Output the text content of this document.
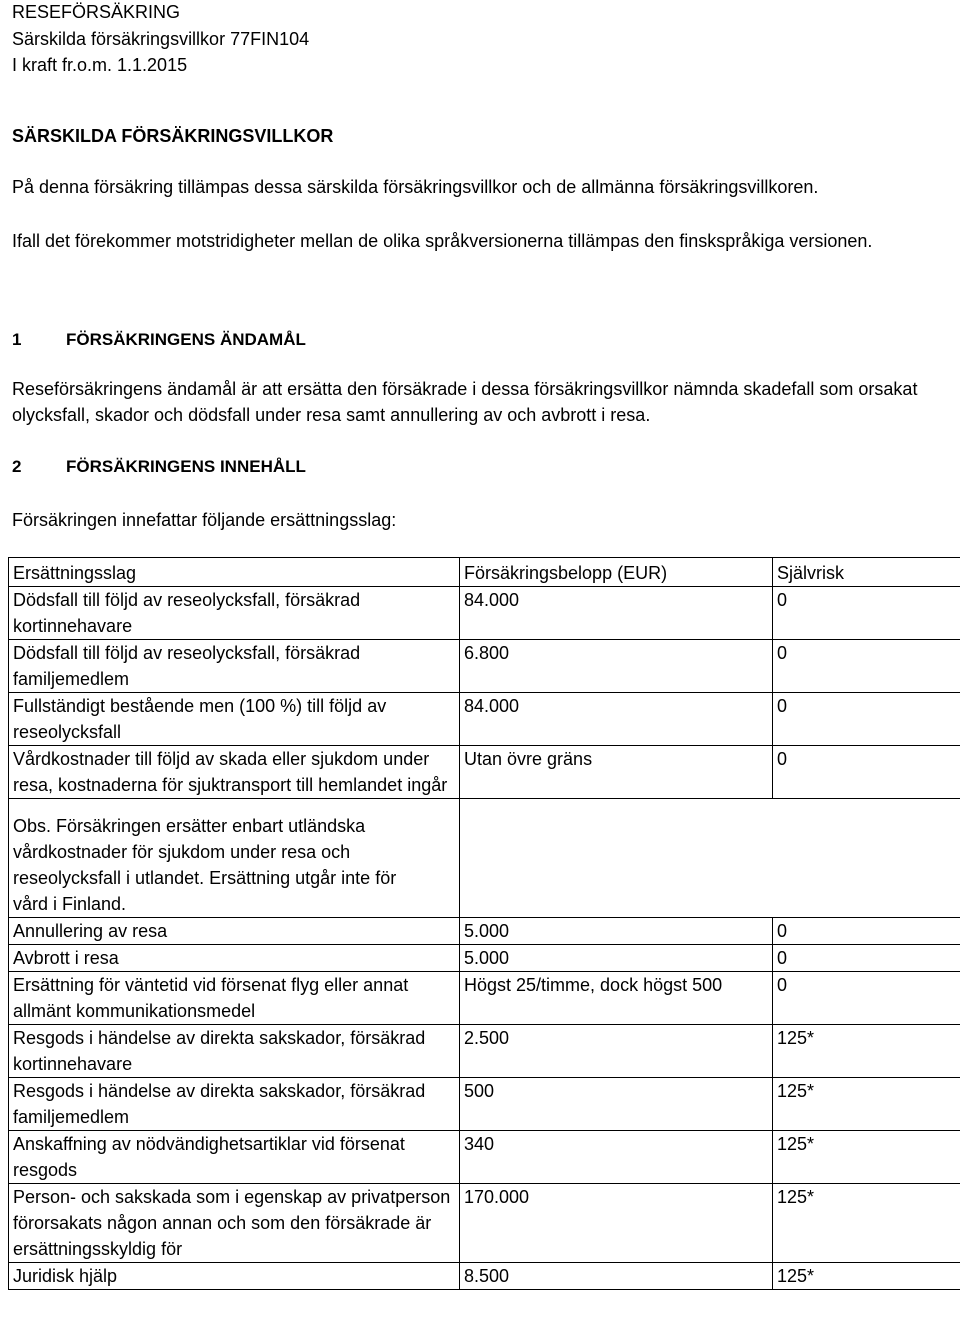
RESEFÖRSÄKRING
Särskilda försäkringsvillkor 77FIN104
I kraft fr.o.m. 1.1.2015
SÄRSKILDA FÖRSÄKRINGSVILLKOR

På denna försäkring tillämpas dessa särskilda försäkringsvillkor och de allmänna försäkringsvillkoren.

Ifall det förekommer motstridigheter mellan de olika språkversionerna tillämpas den finskspråkiga versionen.

1	FÖRSÄKRINGENS ÄNDAMÅL

Reseförsäkringens ändamål är att ersätta den försäkrade i dessa försäkringsvillkor nämnda skadefall som orsakat olycksfall, skador och dödsfall under resa samt annullering av och avbrott i resa.

2	FÖRSÄKRINGENS INNEHÅLL

Försäkringen innefattar följande ersättningsslag:

Ersättningsslag	Försäkringsbelopp (EUR)	Självrisk
Dödsfall till följd av reseolycksfall, försäkrad kortinnehavare	84.000	0
Dödsfall till följd av reseolycksfall, försäkrad familjemedlem	6.800	0
Fullständigt bestående men (100 %) till följd av reseolycksfall	84.000	0
Vårdkostnader till följd av skada eller sjukdom under resa, kostnaderna för sjuktransport till hemlandet ingår	Utan övre gräns	0
Obs. Försäkringen ersätter enbart utländska vårdkostnader för sjukdom under resa och reseolycksfall i utlandet. Ersättning utgår inte för vård i Finland.		
Annullering av resa	5.000	0
Avbrott i resa	5.000	0
Ersättning för väntetid vid försenat flyg eller annat allmänt kommunikationsmedel	Högst 25/timme, dock högst 500	0
Resgods i händelse av direkta sakskador, försäkrad kortinnehavare	2.500	125*
Resgods i händelse av direkta sakskador, försäkrad familjemedlem	500	125*
Anskaffning av nödvändighetsartiklar vid försenat resgods	340	125*
Person- och sakskada som i egenskap av privatperson förorsakats någon annan och som den försäkrade är ersättningsskyldig för	170.000	125*
Juridisk hjälp	8.500	125*
